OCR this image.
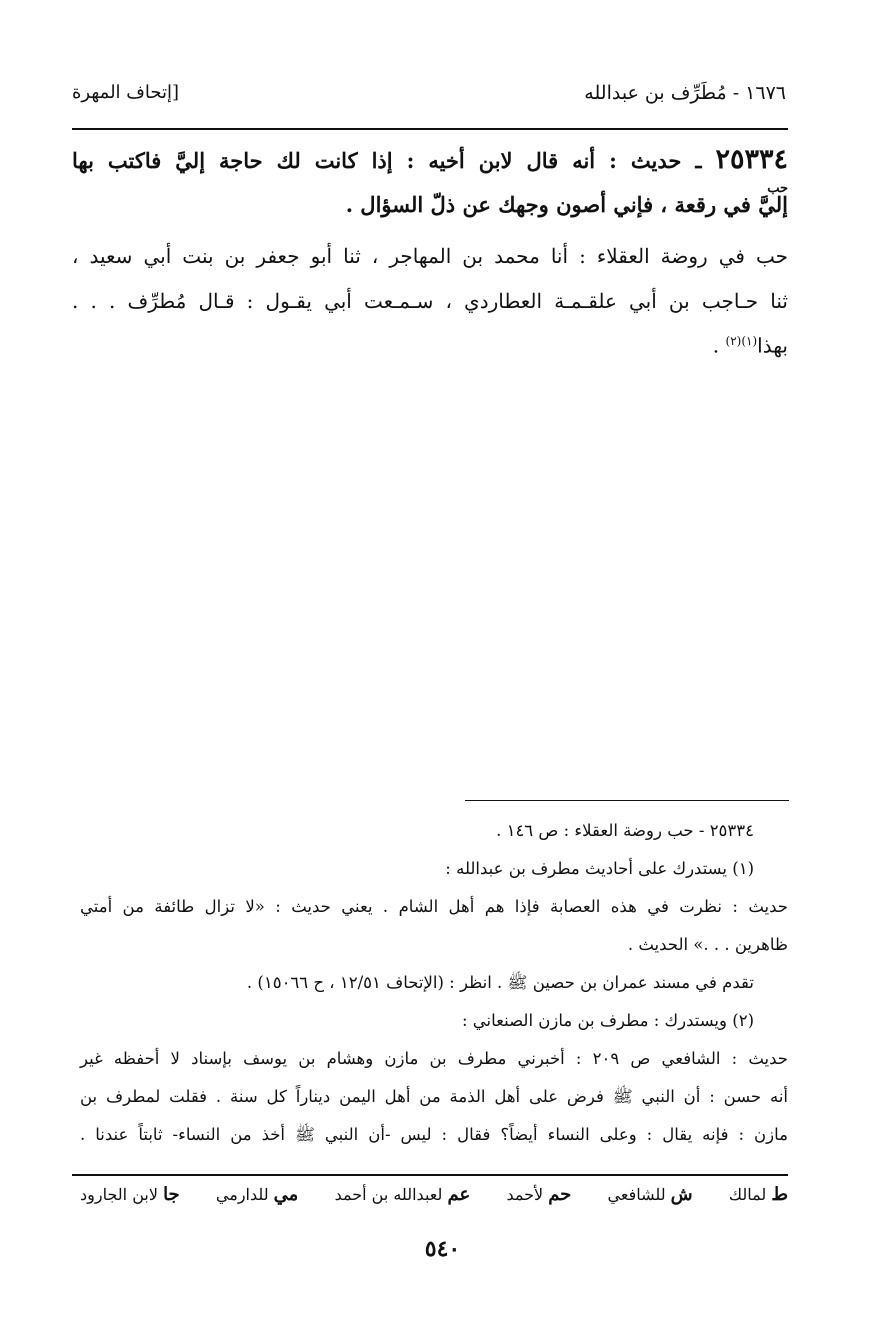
١٦٧٦ - مُطَرِّف بن عبدالله
[إتحاف المهرة
٢٥٣٣٤ ـ حديث : أنه قال لابن أخيه : إذا كانت لك حاجة إليَّ فاكتب بها
حب
إليَّ في رقعة ، فإني أصون وجهك عن ذلّ السؤال .
حب في روضة العقلاء : أنا محمد بن المهاجر ، ثنا أبو جعفر بن بنت أبي سعيد ،
ثنا حـاجب بن أبي علقـمـة العطاردي ، سـمـعت أبي يقـول : قـال مُطرِّف . . .
بهذا$^{(١)(٢)}$ .
٢٥٣٣٤ - حب روضة العقلاء : ص ١٤٦ .
(١) يستدرك على أحاديث مطرف بن عبدالله :
حديث : نظرت في هذه العصابة فإذا هم أهل الشام . يعني حديث : «لا تزال طائفة من أمتي
ظاهرين . . .» الحديث .
تقدم في مسند عمران بن حصين ﷺ . انظر : (الإتحاف ١٢/٥١ ، ح ١٥٠٦٦) .
(٢) ويستدرك : مطرف بن مازن الصنعاني :
حديث : الشافعي ص ٢٠٩ : أخبرني مطرف بن مازن وهشام بن يوسف بإسناد لا أحفظه غير
أنه حسن : أن النبي ﷺ فرض على أهل الذمة من أهل اليمن ديناراً كل سنة . فقلت لمطرف بن
مازن : فإنه يقال : وعلى النساء أيضاً؟ فقال : ليس -أن النبي ﷺ أخذ من النساء- ثابتاً عندنا .
ط لمالك
ش للشافعي
حم لأحمد
عم لعبدالله بن أحمد
مي للدارمي
جا لابن الجارود
٥٤٠
